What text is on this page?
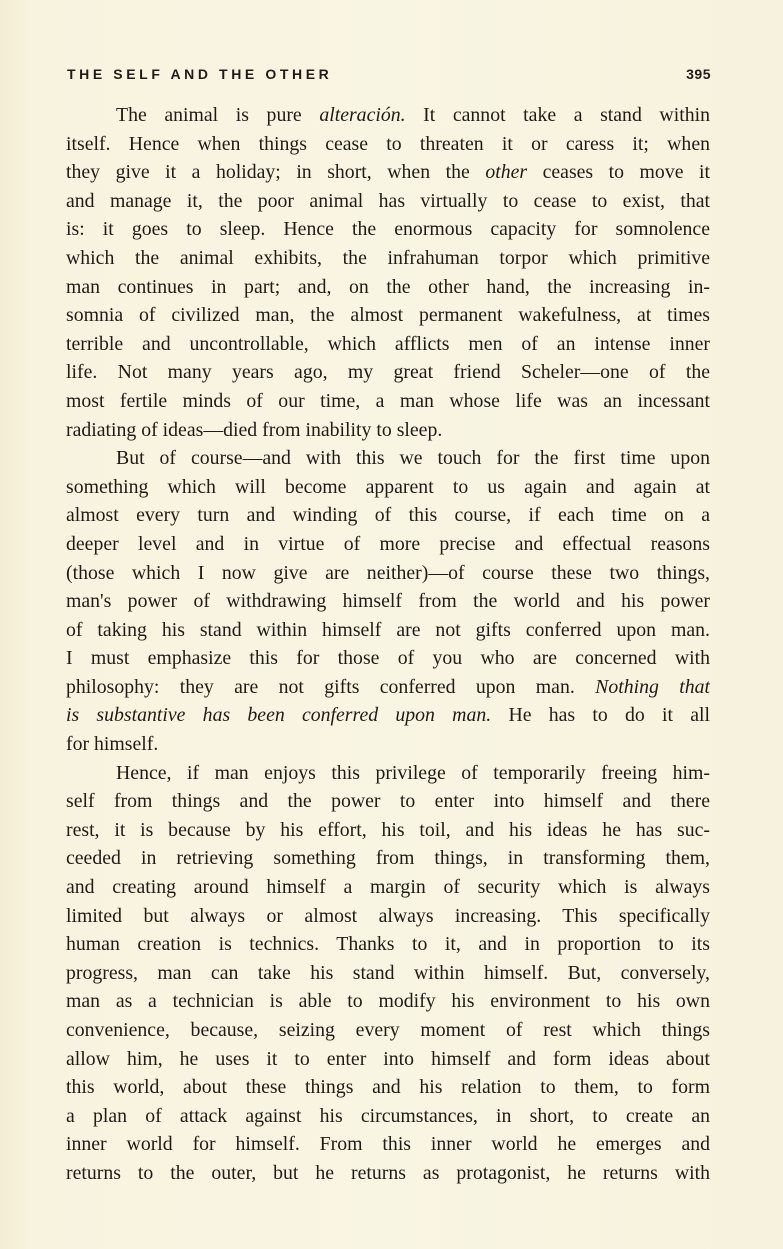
THE SELF AND THE OTHER	395
The animal is pure alteración. It cannot take a stand within
itself. Hence when things cease to threaten it or caress it; when
they give it a holiday; in short, when the other ceases to move it
and manage it, the poor animal has virtually to cease to exist, that
is: it goes to sleep. Hence the enormous capacity for somnolence
which the animal exhibits, the infrahuman torpor which primitive
man continues in part; and, on the other hand, the increasing in-
somnia of civilized man, the almost permanent wakefulness, at times
terrible and uncontrollable, which afflicts men of an intense inner
life. Not many years ago, my great friend Scheler—one of the
most fertile minds of our time, a man whose life was an incessant
radiating of ideas—died from inability to sleep.
But of course—and with this we touch for the first time upon
something which will become apparent to us again and again at
almost every turn and winding of this course, if each time on a
deeper level and in virtue of more precise and effectual reasons
(those which I now give are neither)—of course these two things,
man's power of withdrawing himself from the world and his power
of taking his stand within himself are not gifts conferred upon man.
I must emphasize this for those of you who are concerned with
philosophy: they are not gifts conferred upon man. Nothing that
is substantive has been conferred upon man. He has to do it all
for himself.
Hence, if man enjoys this privilege of temporarily freeing him-
self from things and the power to enter into himself and there
rest, it is because by his effort, his toil, and his ideas he has suc-
ceeded in retrieving something from things, in transforming them,
and creating around himself a margin of security which is always
limited but always or almost always increasing. This specifically
human creation is technics. Thanks to it, and in proportion to its
progress, man can take his stand within himself. But, conversely,
man as a technician is able to modify his environment to his own
convenience, because, seizing every moment of rest which things
allow him, he uses it to enter into himself and form ideas about
this world, about these things and his relation to them, to form
a plan of attack against his circumstances, in short, to create an
inner world for himself. From this inner world he emerges and
returns to the outer, but he returns as protagonist, he returns with
